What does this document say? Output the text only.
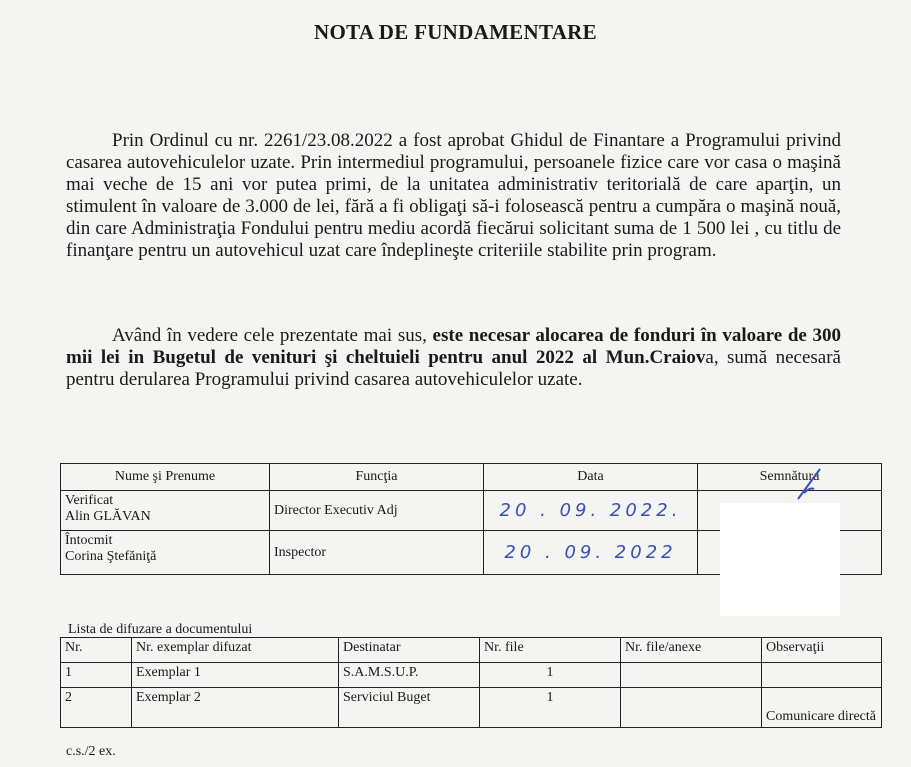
NOTA DE FUNDAMENTARE
Prin Ordinul cu nr. 2261/23.08.2022 a fost aprobat Ghidul de Finantare a Programului privind casarea autovehiculelor uzate. Prin intermediul programului, persoanele fizice care vor casa o maşină mai veche de 15 ani vor putea primi, de la unitatea administrativ teritorială de care aparţin, un stimulent în valoare de 3.000 de lei, fără a fi obligaţi să-i folosească pentru a cumpăra o maşină nouă, din care Administraţia Fondului pentru mediu acordă fiecărui solicitant suma de 1 500 lei , cu titlu de finanţare pentru un autovehicul uzat care îndeplineşte criteriile stabilite prin program.
Având în vedere cele prezentate mai sus, este necesar alocarea de fonduri în valoare de 300 mii lei in Bugetul de venituri şi cheltuieli pentru anul 2022 al Mun.Craiova, sumă necesară pentru derularea Programului privind casarea autovehiculelor uzate.
Nume şi Prenume	Funcţia	Data	Semnătura

Verificat
Alin GLĂVAN	Director Executiv Adj	20 . 09. 2022.	

Întocmit
Corina Ştefăniţă	Inspector	20 . 09. 2022	
Lista de difuzare a documentului
Nr.	Nr. exemplar difuzat	Destinatar	Nr. file	Nr. file/anexe	Observaţii
1	Exemplar 1	S.A.M.S.U.P.	1		
2	Exemplar 2	Serviciul Buget	1		Comunicare directă
c.s./2 ex.
